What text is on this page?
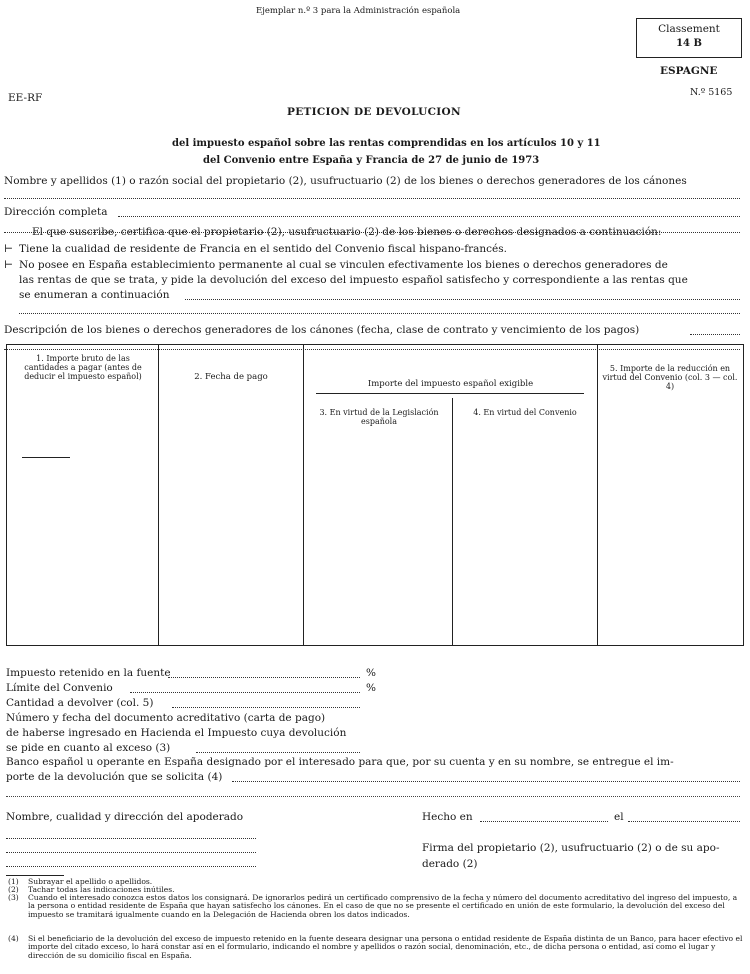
Ejemplar n.º 3 para la Administración española
Classement
14 B
ESPAGNE
EE-RF	N.º 5165
PETICION DE DEVOLUCION
del impuesto español sobre las rentas comprendidas en los artículos 10 y 11
del Convenio entre España y Francia de 27 de junio de 1973
Nombre y apellidos (1) o razón social del propietario (2), usufructuario (2) de los bienes o derechos generadores de los cánones
Dirección completa
El que suscribe, certifica que el propietario (2), usufructuario (2) de los bienes o derechos designados a continuación:
⊢ Tiene la cualidad de residente de Francia en el sentido del Convenio fiscal hispano-francés.
⊢ No posee en España establecimiento permanente al cual se vinculen efectivamente los bienes o derechos generadores de
las rentas de que se trata, y pide la devolución del exceso del impuesto español satisfecho y correspondiente a las rentas que
se enumeran a continuación
Descripción de los bienes o derechos generadores de los cánones (fecha, clase de contrato y vencimiento de los pagos)
1. Importe bruto de las cantidades a pagar (antes de deducir el impuesto español)	2. Fecha de pago
Importe del impuesto español exigible
3. En virtud de la Legislación española
4. En virtud del Convenio
5. Importe de la reducción en virtud del Convenio (col. 3 — col. 4)
Impuesto retenido en la fuente	%
Límite del Convenio	%
Cantidad a devolver (col. 5)
Número y fecha del documento acreditativo (carta de pago)
de haberse ingresado en Hacienda el Impuesto cuya devolución
se pide en cuanto al exceso (3)
Banco español u operante en España designado por el interesado para que, por su cuenta y en su nombre, se entregue el im-
porte de la devolución que se solicita (4)
Nombre, cualidad y dirección del apoderado	Hecho en	el
Firma del propietario (2), usufructuario (2) o de su apo-
derado (2)
(1) Subrayar el apellido o apellidos.
(2) Tachar todas las indicaciones inútiles.
(3) Cuando el interesado conozca estos datos los consignará. De ignorarlos pedirá un certificado comprensivo de la fecha y número del documento acreditativo del ingreso del impuesto, a la persona o entidad residente de España que hayan satisfecho los cánones. En el caso de que no se presente el certificado en unión de este formulario, la devolución del exceso del impuesto se tramitará igualmente cuando en la Delegación de Hacienda obren los datos indicados.
(4) Si el beneficiario de la devolución del exceso de impuesto retenido en la fuente deseara designar una persona o entidad residente de España distinta de un Banco, para hacer efectivo el importe del citado exceso, lo hará constar así en el formulario, indicando el nombre y apellidos o razón social, denominación, etc., de dicha persona o entidad, así como el lugar y dirección de su domicilio fiscal en España.
